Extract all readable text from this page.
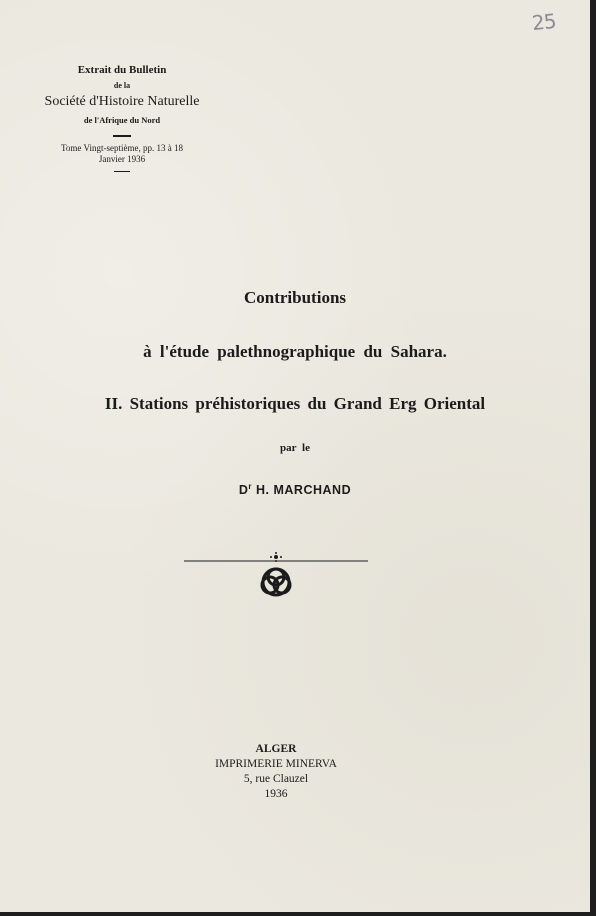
25

Extrait du Bulletin

de la

Société d'Histoire Naturelle

de l'Afrique du Nord

Tome Vingt-septième, pp. 13 à 18

Janvier 1936

Contributions

à l'étude palethnographique du Sahara.

II. Stations préhistoriques du Grand Erg Oriental

par le

$D^r$ H. MARCHAND

ALGER

IMPRIMERIE MINERVA

5, rue Clauzel

1936
